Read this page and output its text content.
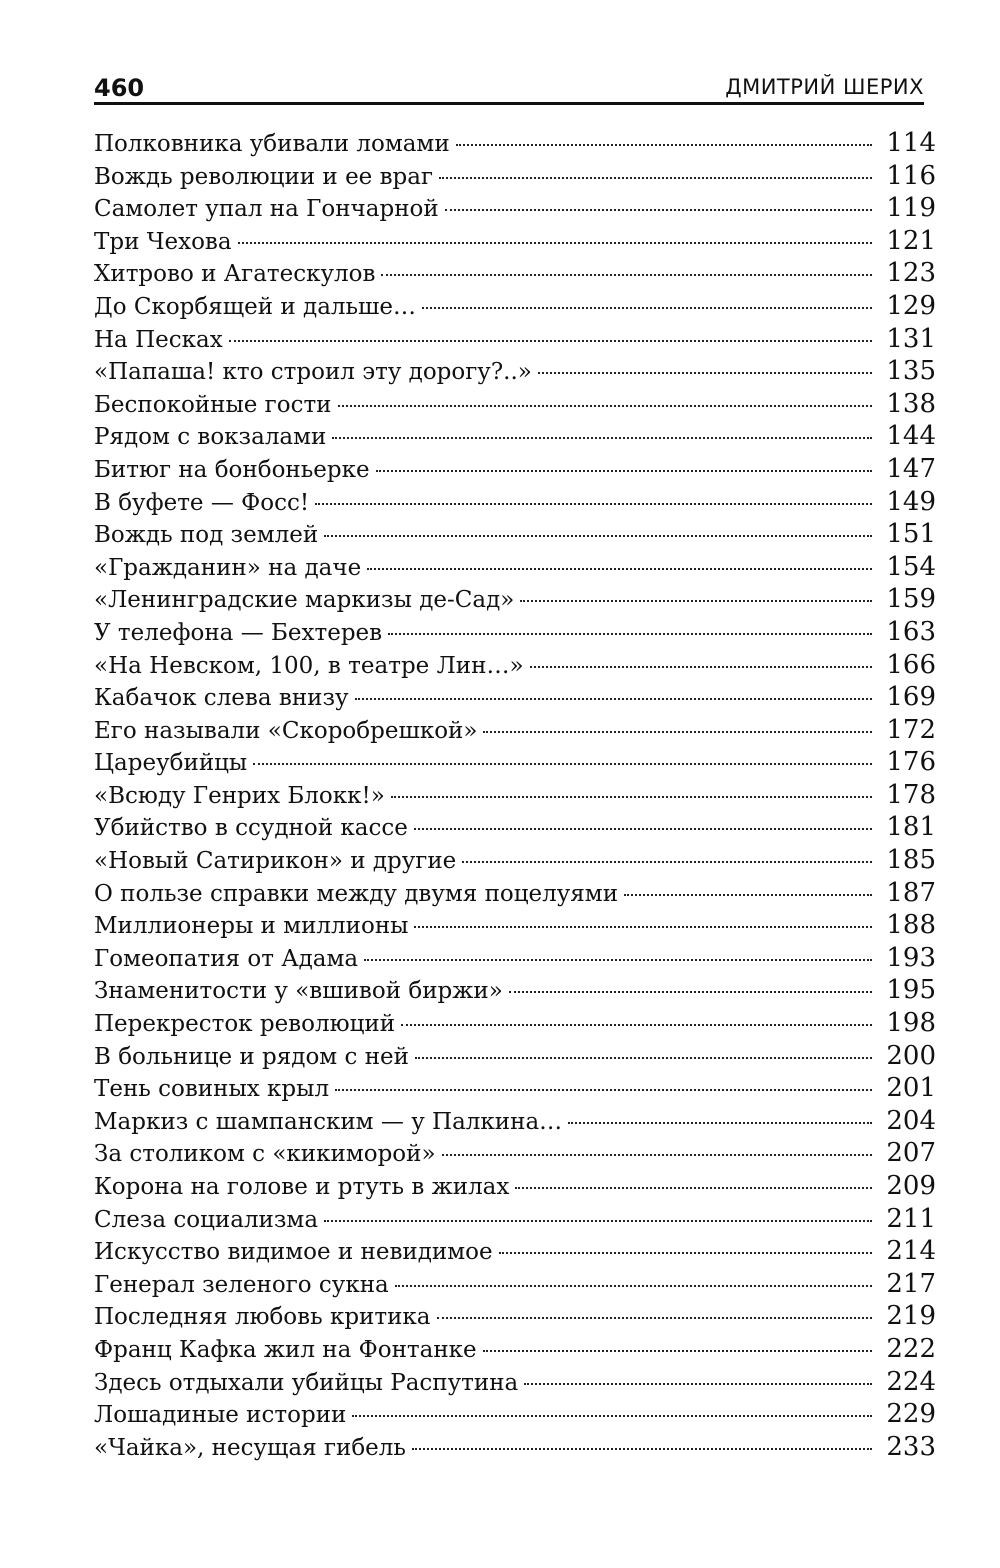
460	ДМИТРИЙ ШЕРИХ
Полковника убивали ломами	114
Вождь революции и ее враг	116
Самолет упал на Гончарной	119
Три Чехова	121
Хитрово и Агатескулов	123
До Скорбящей и дальше…	129
На Песках	131
«Папаша! кто строил эту дорогу?..»	135
Беспокойные гости	138
Рядом с вокзалами	144
Битюг на бонбоньерке	147
В буфете — Фосс!	149
Вождь под землей	151
«Гражданин» на даче	154
«Ленинградские маркизы де-Сад»	159
У телефона — Бехтерев	163
«На Невском, 100, в театре Лин…»	166
Кабачок слева внизу	169
Его называли «Скоробрешкой»	172
Цареубийцы	176
«Всюду Генрих Блокк!»	178
Убийство в ссудной кассе	181
«Новый Сатирикон» и другие	185
О пользе справки между двумя поцелуями	187
Миллионеры и миллионы	188
Гомеопатия от Адама	193
Знаменитости у «вшивой биржи»	195
Перекресток революций	198
В больнице и рядом с ней	200
Тень совиных крыл	201
Маркиз с шампанским — у Палкина…	204
За столиком с «кикиморой»	207
Корона на голове и ртуть в жилах	209
Слеза социализма	211
Искусство видимое и невидимое	214
Генерал зеленого сукна	217
Последняя любовь критика	219
Франц Кафка жил на Фонтанке	222
Здесь отдыхали убийцы Распутина	224
Лошадиные истории	229
«Чайка», несущая гибель	233
